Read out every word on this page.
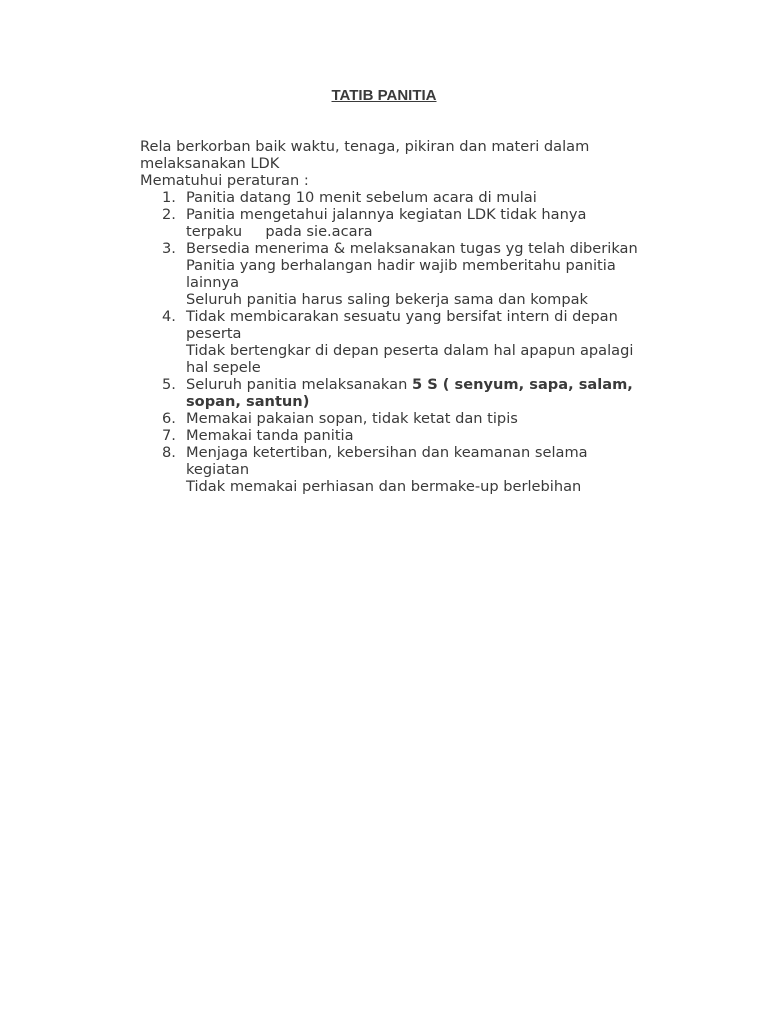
TATIB PANITIA

Rela berkorban baik waktu, tenaga, pikiran dan materi dalam

melaksanakan LDK

Mematuhui peraturan :

1. Panitia datang 10 menit sebelum acara di mulai
2. Panitia mengetahui jalannya kegiatan LDK tidak hanya
terpaku     pada sie.acara
3. Bersedia menerima & melaksanakan tugas yg telah diberikan
Panitia yang berhalangan hadir wajib memberitahu panitia
lainnya
Seluruh panitia harus saling bekerja sama dan kompak
4. Tidak membicarakan sesuatu yang bersifat intern di depan
peserta
Tidak bertengkar di depan peserta dalam hal apapun apalagi
hal sepele
5. Seluruh panitia melaksanakan 5 S ( senyum, sapa, salam,
sopan, santun)
6. Memakai pakaian sopan, tidak ketat dan tipis
7. Memakai tanda panitia
8. Menjaga ketertiban, kebersihan dan keamanan selama
kegiatan
Tidak memakai perhiasan dan bermake-up berlebihan
